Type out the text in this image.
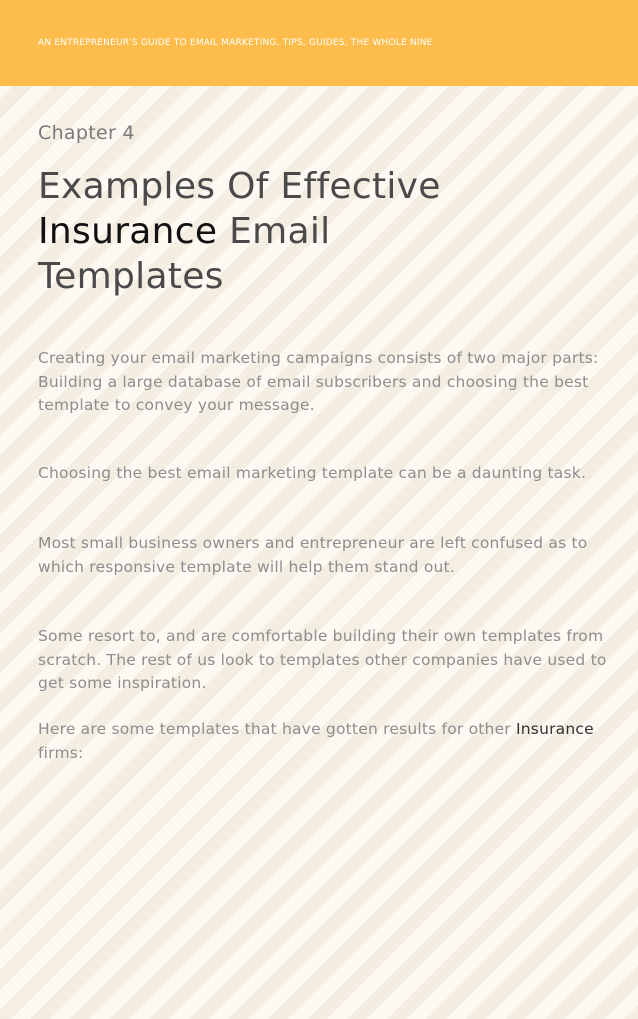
AN ENTREPRENEUR'S GUIDE TO EMAIL MARKETING, TIPS, GUIDES, THE WHOLE NINE
Chapter 4
Examples Of Effective
Insurance Email
Templates

Creating your email marketing campaigns consists of two major parts: Building a large database of email subscribers and choosing the best template to convey your message.

Choosing the best email marketing template can be a daunting task.

Most small business owners and entrepreneur are left confused as to which responsive template will help them stand out.

Some resort to, and are comfortable building their own templates from scratch. The rest of us look to templates other companies have used to get some inspiration.

Here are some templates that have gotten results for other Insurance firms:
